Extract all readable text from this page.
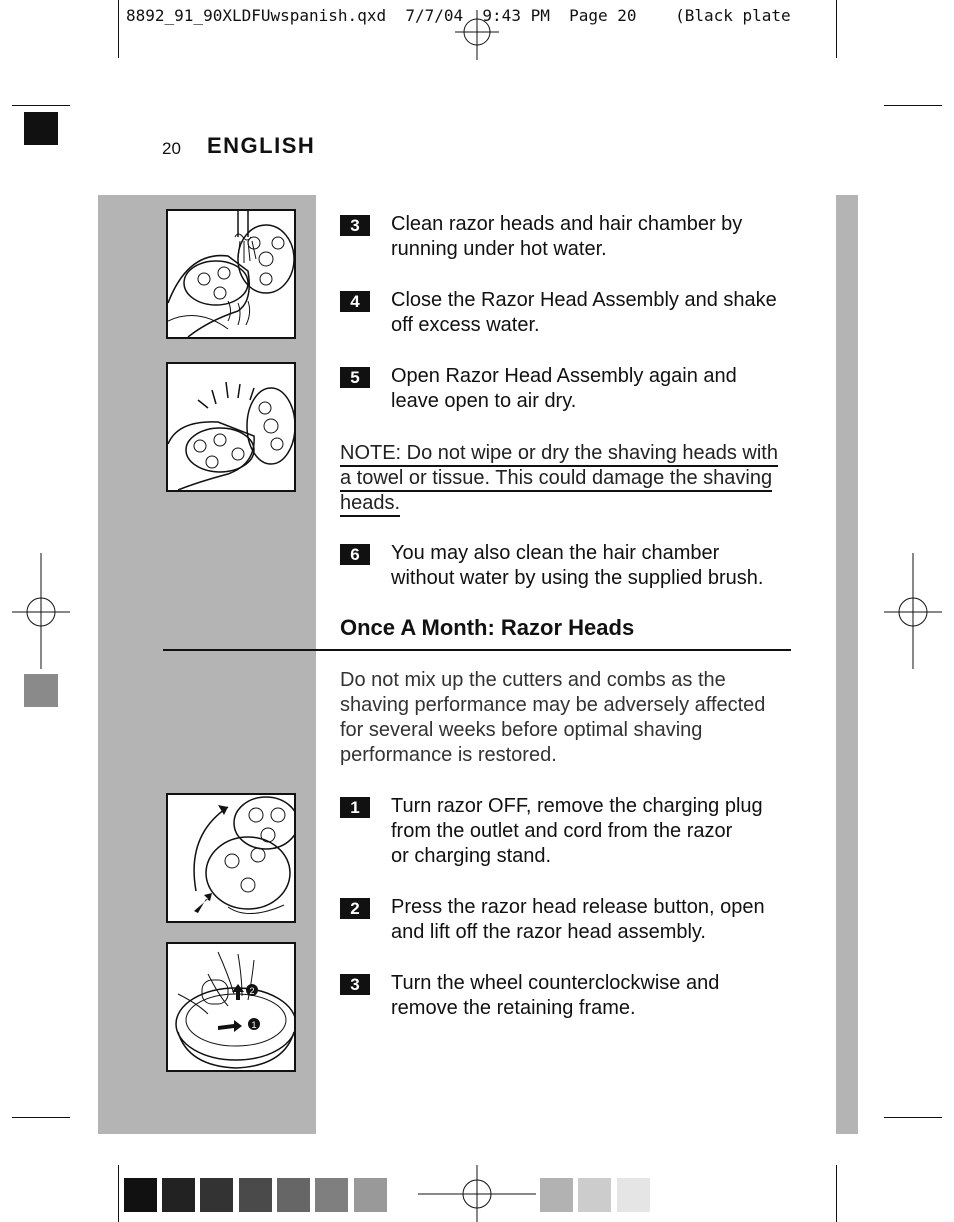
8892_91_90XLDFUwspanish.qxd  7/7/04  9:43 PM  Page 20    (Black plate
20 ENGLISH
2
1
3	Clean razor heads and hair chamber by
running under hot water.
4	Close the Razor Head Assembly and shake
off excess water.
5	Open Razor Head Assembly again and
leave open to air dry.
NOTE: Do not wipe or dry the shaving heads with a towel or tissue. This could damage the shaving heads.
6	You may also clean the hair chamber
without water by using the supplied brush.
Once A Month: Razor Heads
Do not mix up the cutters and combs as the
shaving performance may be adversely affected
for several weeks before optimal shaving
performance is restored.
1	Turn razor OFF, remove the charging plug
from the outlet and cord from the razor
or charging stand.
2	Press the razor head release button, open
and lift off the razor head assembly.
3	Turn the wheel counterclockwise and
remove the retaining frame.
